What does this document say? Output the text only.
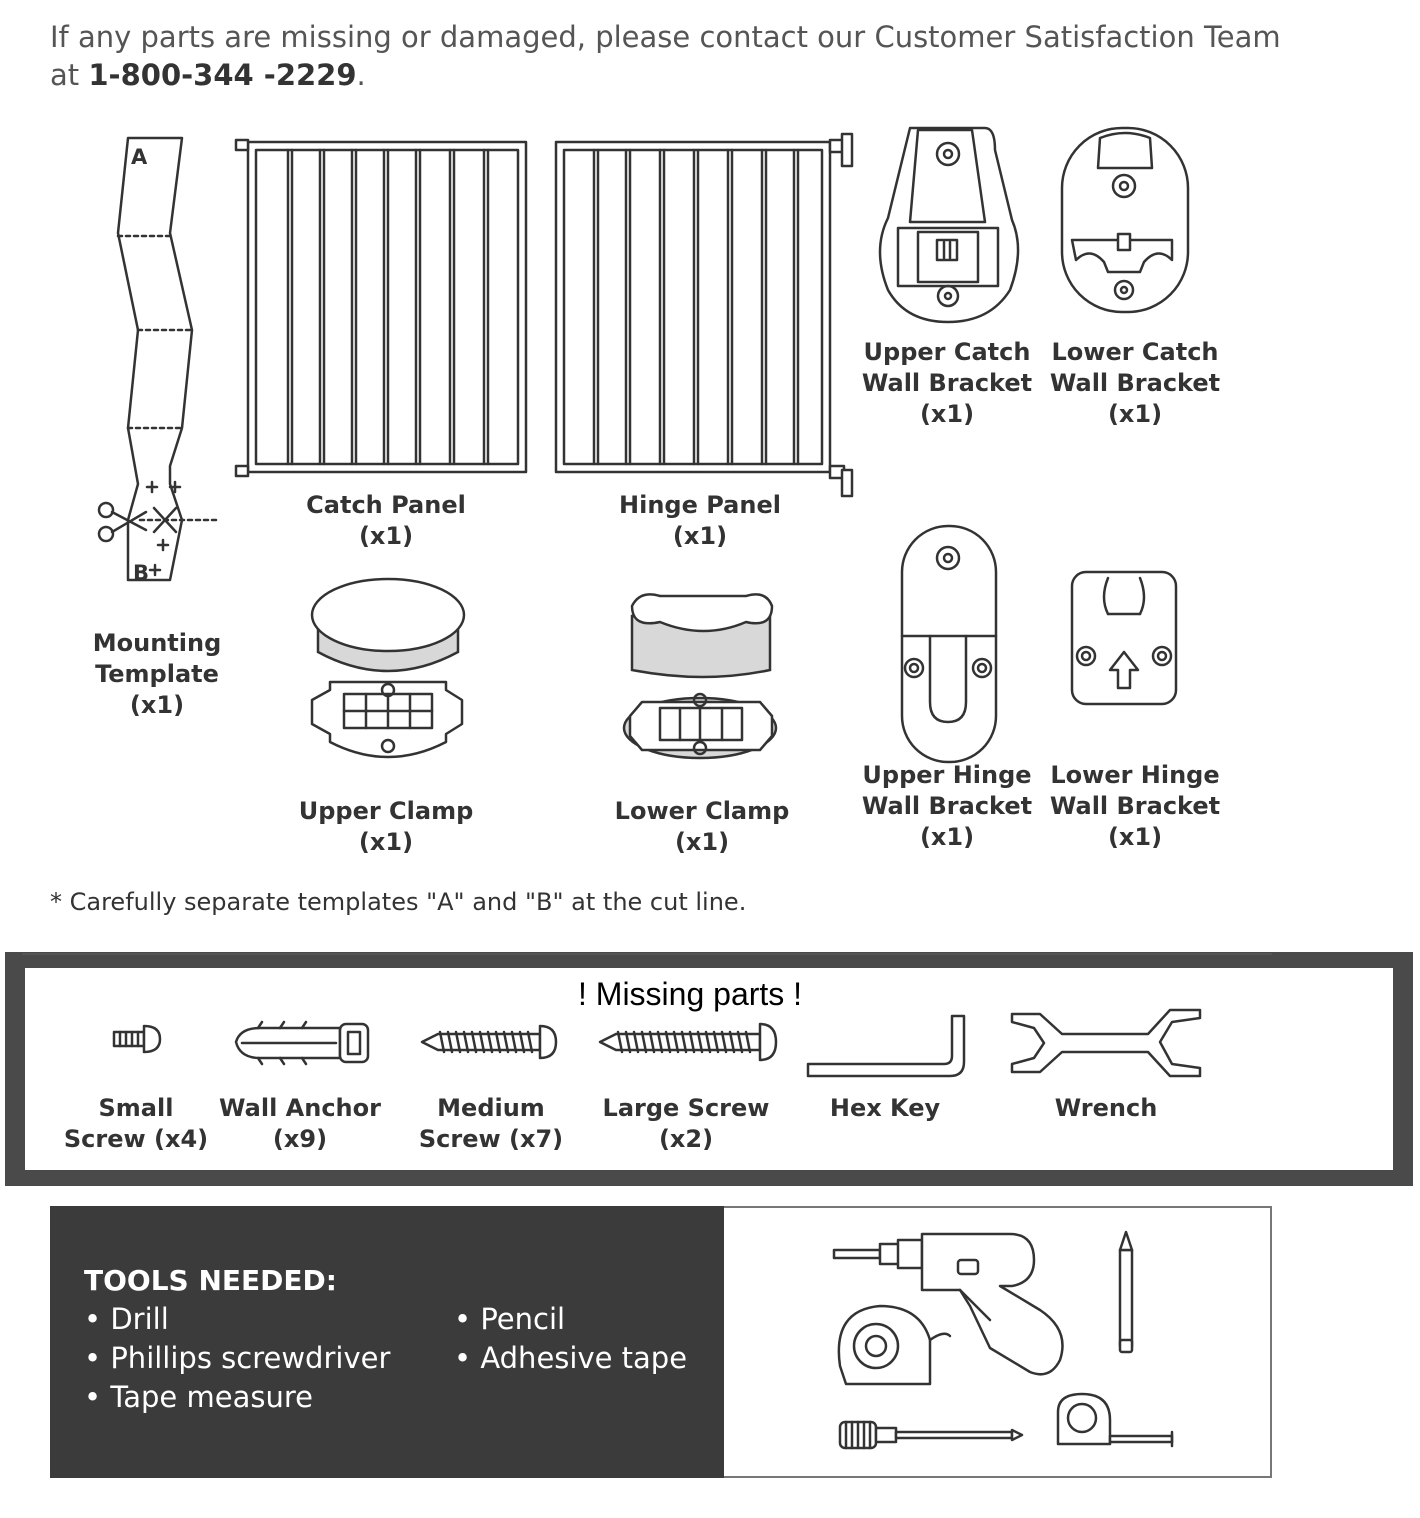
If any parts are missing or damaged, please contact our Customer Satisfaction Team
at 1-800-344 -2229.
A
B
Mounting
Template
(x1)
Catch Panel
(x1)
Hinge Panel
(x1)
Upper Catch
Wall Bracket
(x1)
Lower Catch
Wall Bracket
(x1)
Upper Clamp
(x1)
Lower Clamp
(x1)
Upper Hinge
Wall Bracket
(x1)
Lower Hinge
Wall Bracket
(x1)
* Carefully separate templates "A" and "B" at the cut line.
! Missing parts !
Small
Screw (x4)
Wall Anchor
(x9)
Medium
Screw (x7)
Large Screw
(x2)
Hex Key	Wrench
TOOLS NEEDED:
• Drill
• Phillips screwdriver
• Tape measure
• Pencil
• Adhesive tape
